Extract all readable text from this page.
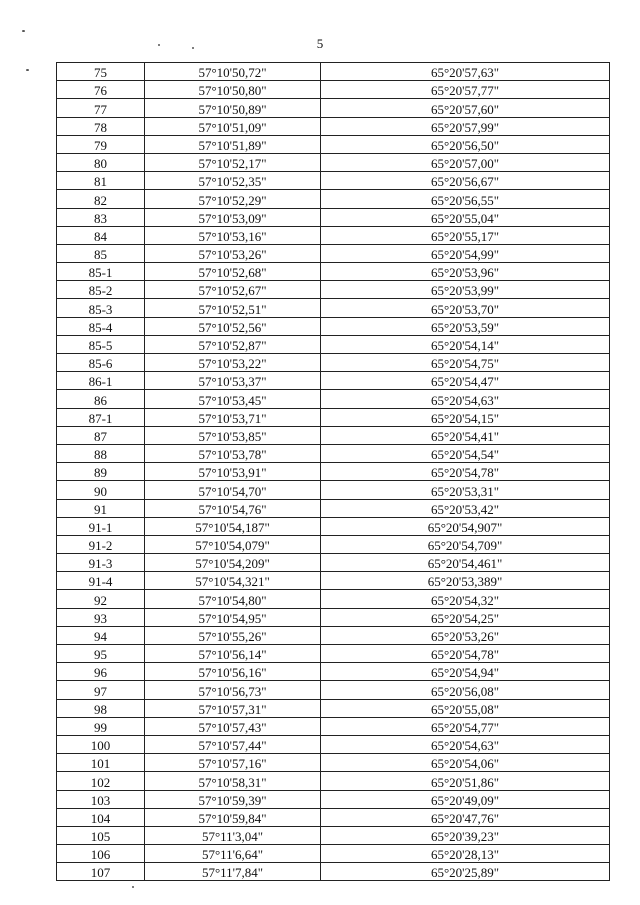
5
75	57°10'50,72"	65°20'57,63"
76	57°10'50,80"	65°20'57,77"
77	57°10'50,89"	65°20'57,60"
78	57°10'51,09"	65°20'57,99"
79	57°10'51,89"	65°20'56,50"
80	57°10'52,17"	65°20'57,00"
81	57°10'52,35"	65°20'56,67"
82	57°10'52,29"	65°20'56,55"
83	57°10'53,09"	65°20'55,04"
84	57°10'53,16"	65°20'55,17"
85	57°10'53,26"	65°20'54,99"
85-1	57°10'52,68"	65°20'53,96"
85-2	57°10'52,67"	65°20'53,99"
85-3	57°10'52,51"	65°20'53,70"
85-4	57°10'52,56"	65°20'53,59"
85-5	57°10'52,87"	65°20'54,14"
85-6	57°10'53,22"	65°20'54,75"
86-1	57°10'53,37"	65°20'54,47"
86	57°10'53,45"	65°20'54,63"
87-1	57°10'53,71"	65°20'54,15"
87	57°10'53,85"	65°20'54,41"
88	57°10'53,78"	65°20'54,54"
89	57°10'53,91"	65°20'54,78"
90	57°10'54,70"	65°20'53,31"
91	57°10'54,76"	65°20'53,42"
91-1	57°10'54,187"	65°20'54,907"
91-2	57°10'54,079"	65°20'54,709"
91-3	57°10'54,209"	65°20'54,461"
91-4	57°10'54,321"	65°20'53,389"
92	57°10'54,80"	65°20'54,32"
93	57°10'54,95"	65°20'54,25"
94	57°10'55,26"	65°20'53,26"
95	57°10'56,14"	65°20'54,78"
96	57°10'56,16"	65°20'54,94"
97	57°10'56,73"	65°20'56,08"
98	57°10'57,31"	65°20'55,08"
99	57°10'57,43"	65°20'54,77"
100	57°10'57,44"	65°20'54,63"
101	57°10'57,16"	65°20'54,06"
102	57°10'58,31"	65°20'51,86"
103	57°10'59,39"	65°20'49,09"
104	57°10'59,84"	65°20'47,76"
105	57°11'3,04"	65°20'39,23"
106	57°11'6,64"	65°20'28,13"
107	57°11'7,84"	65°20'25,89"
